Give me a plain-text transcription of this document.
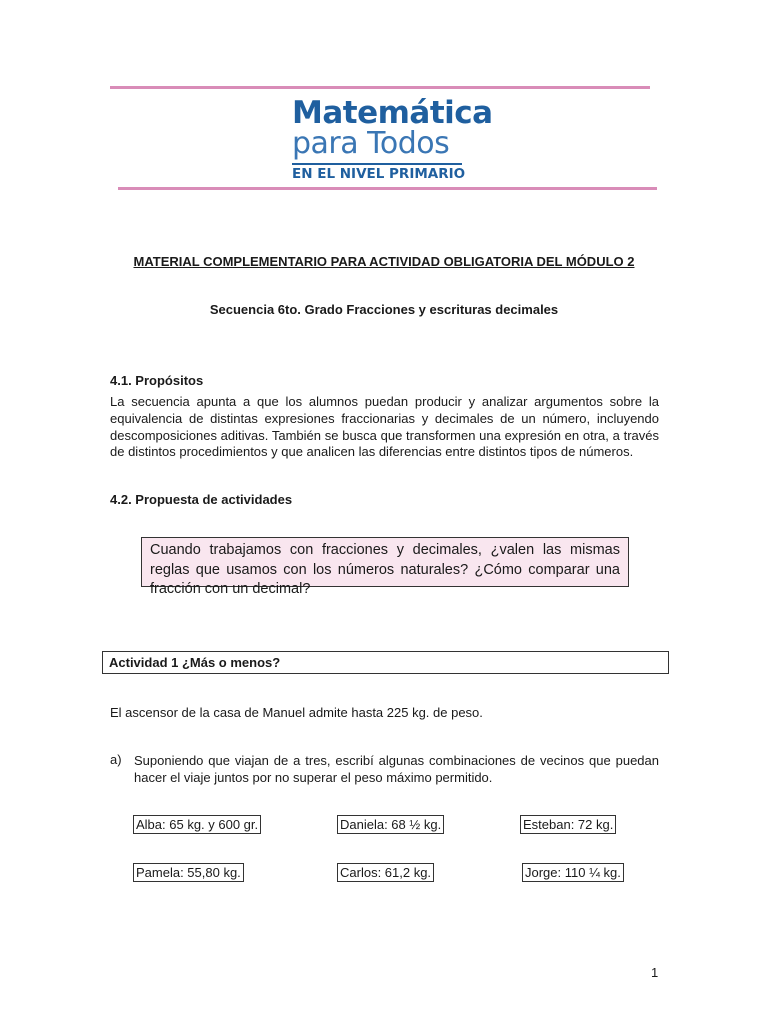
Matemática
para Todos
EN EL NIVEL PRIMARIO
MATERIAL COMPLEMENTARIO PARA ACTIVIDAD OBLIGATORIA DEL MÓDULO 2
Secuencia 6to. Grado Fracciones y escrituras decimales
4.1. Propósitos
La secuencia apunta a que los alumnos puedan producir y analizar argumentos sobre la equivalencia de distintas expresiones fraccionarias y decimales de un número, incluyendo descomposiciones aditivas. También se busca que transformen una expresión en otra, a través de distintos procedimientos y que analicen las diferencias entre distintos tipos de números.
4.2. Propuesta de actividades
Cuando trabajamos con fracciones y decimales, ¿valen las mismas reglas que usamos con los números naturales? ¿Cómo comparar una fracción con un decimal?
Actividad 1 ¿Más o menos?
El ascensor de la casa de Manuel admite hasta 225 kg. de peso.
a) Suponiendo que viajan de a tres, escribí algunas combinaciones de vecinos que puedan hacer el viaje juntos por no superar el peso máximo permitido.
Alba: 65 kg. y 600 gr.	Daniela: 68 ½ kg.	Esteban: 72 kg.
Pamela: 55,80 kg.	Carlos: 61,2 kg.	Jorge: 110 ¼ kg.
1
